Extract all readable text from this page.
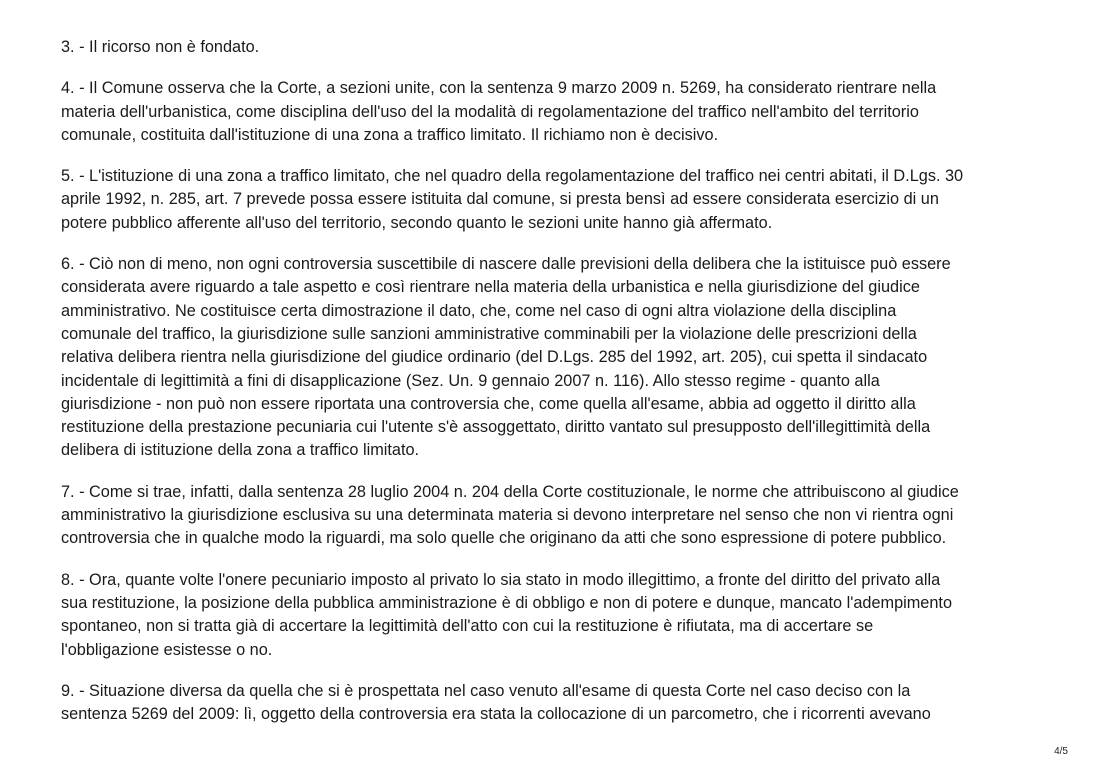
3. - Il ricorso non è fondato.

4. - Il Comune osserva che la Corte, a sezioni unite, con la sentenza 9 marzo 2009 n. 5269, ha considerato rientrare nella
materia dell'urbanistica, come disciplina dell'uso del la modalità di regolamentazione del traffico nell'ambito del territorio
comunale, costituita dall'istituzione di una zona a traffico limitato. Il richiamo non è decisivo.

5. - L'istituzione di una zona a traffico limitato, che nel quadro della regolamentazione del traffico nei centri abitati, il D.Lgs. 30
aprile 1992, n. 285, art. 7 prevede possa essere istituita dal comune, si presta bensì ad essere considerata esercizio di un
potere pubblico afferente all'uso del territorio, secondo quanto le sezioni unite hanno già affermato.

6. - Ciò non di meno, non ogni controversia suscettibile di nascere dalle previsioni della delibera che la istituisce può essere
considerata avere riguardo a tale aspetto e così rientrare nella materia della urbanistica e nella giurisdizione del giudice
amministrativo. Ne costituisce certa dimostrazione il dato, che, come nel caso di ogni altra violazione della disciplina
comunale del traffico, la giurisdizione sulle sanzioni amministrative comminabili per la violazione delle prescrizioni della
relativa delibera rientra nella giurisdizione del giudice ordinario (del D.Lgs. 285 del 1992, art. 205), cui spetta il sindacato
incidentale di legittimità a fini di disapplicazione (Sez. Un. 9 gennaio 2007 n. 116). Allo stesso regime - quanto alla
giurisdizione - non può non essere riportata una controversia che, come quella all'esame, abbia ad oggetto il diritto alla
restituzione della prestazione pecuniaria cui l'utente s'è assoggettato, diritto vantato sul presupposto dell'illegittimità della
delibera di istituzione della zona a traffico limitato.

7. - Come si trae, infatti, dalla sentenza 28 luglio 2004 n. 204 della Corte costituzionale, le norme che attribuiscono al giudice
amministrativo la giurisdizione esclusiva su una determinata materia si devono interpretare nel senso che non vi rientra ogni
controversia che in qualche modo la riguardi, ma solo quelle che originano da atti che sono espressione di potere pubblico.

8. - Ora, quante volte l'onere pecuniario imposto al privato lo sia stato in modo illegittimo, a fronte del diritto del privato alla
sua restituzione, la posizione della pubblica amministrazione è di obbligo e non di potere e dunque, mancato l'adempimento
spontaneo, non si tratta già di accertare la legittimità dell'atto con cui la restituzione è rifiutata, ma di accertare se
l'obbligazione esistesse o no.

9. - Situazione diversa da quella che si è prospettata nel caso venuto all'esame di questa Corte nel caso deciso con la
sentenza 5269 del 2009: lì, oggetto della controversia era stata la collocazione di un parcometro, che i ricorrenti avevano

4/5
